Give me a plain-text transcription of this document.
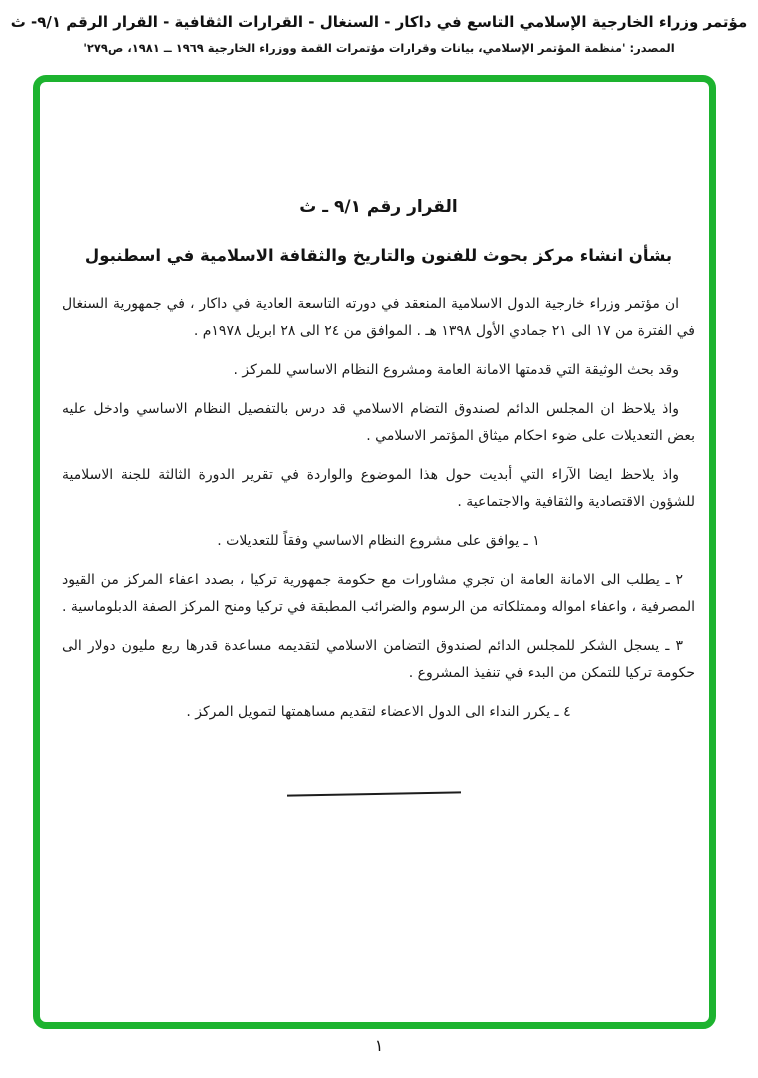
مؤتمر وزراء الخارجية الإسلامي التاسع في داكار - السنغال - القرارات الثقافية - القرار الرقم ٩/١- ث
المصدر: 'منظمة المؤتمر الإسلامي، بيانات وقرارات مؤتمرات القمة ووزراء الخارجية ١٩٦٩ ــ ١٩٨١، ص٢٧٩'
القرار رقم ٩/١ ـ ث
بشأن انشاء مركز بحوث للفنون والتاريخ والثقافة الاسلامية في اسطنبول

ان مؤتمر وزراء خارجية الدول الاسلامية المنعقد في دورته التاسعة العادية في داكار ، في جمهورية السنغال في الفترة من ١٧ الى ٢١ جمادي الأول ١٣٩٨ هـ . الموافق من ٢٤ الى ٢٨ ابريل ١٩٧٨م .

وقد بحث الوثيقة التي قدمتها الامانة العامة ومشروع النظام الاساسي للمركز .

واذ يلاحظ ان المجلس الدائم لصندوق التضام الاسلامي قد درس بالتفصيل النظام الاساسي وادخل عليه بعض التعديلات على ضوء احكام ميثاق المؤتمر الاسلامي .

واذ يلاحظ ايضا الآراء التي أبديت حول هذا الموضوع والواردة في تقرير الدورة الثالثة للجنة الاسلامية للشؤون الاقتصادية والثقافية والاجتماعية .

١ ـ يوافق على مشروع النظام الاساسي وفقاً للتعديلات .

٢ ـ يطلب الى الامانة العامة ان تجري مشاورات مع حكومة جمهورية تركيا ، بصدد اعفاء المركز من القيود المصرفية ، واعفاء امواله وممتلكاته من الرسوم والضرائب المطبقة في تركيا ومنح المركز الصفة الدبلوماسية .

٣ ـ يسجل الشكر للمجلس الدائم لصندوق التضامن الاسلامي لتقديمه مساعدة قدرها ربع مليون دولار الى حكومة تركيا للتمكن من البدء في تنفيذ المشروع .

٤ ـ يكرر النداء الى الدول الاعضاء لتقديم مساهمتها لتمويل المركز .

١
